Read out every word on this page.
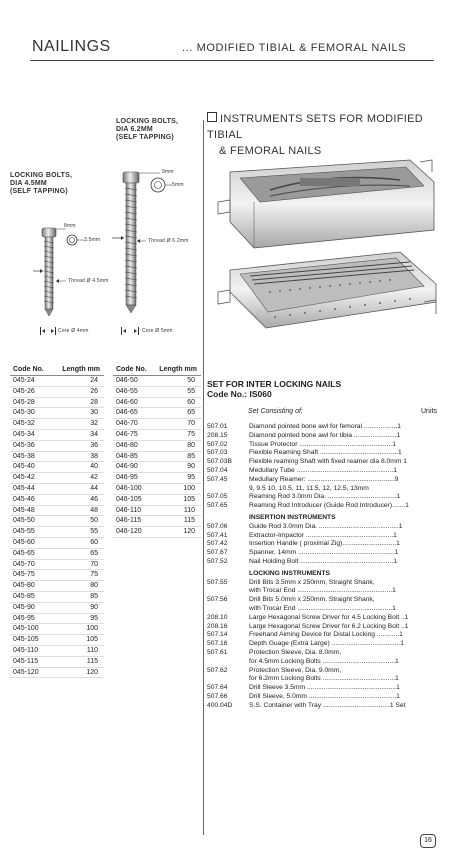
NAILINGS	... MODIFIED TIBIAL & FEMORAL NAILS
LOCKING BOLTS,
DIA 6.2MM
(SELF TAPPING)
LOCKING BOLTS,
DIA 4.5MM
(SELF TAPPING)
8mm
3.5mm
Thread Ø 4.5mm
Core Ø 4mm
9mm
5mm
Thread Ø 6.2mm
Core Ø 5mm
INSTRUMENTS SETS FOR MODIFIED TIBIAL
& FEMORAL NAILS
Code No.	Length mm
045-24	24
045-26	26
045-28	28
045-30	30
045-32	32
045-34	34
045-36	36
045-38	38
045-40	40
045-42	42
045-44	44
045-46	46
045-48	48
045-50	50
045-55	55
045-60	60
045-65	65
045-70	70
045-75	75
045-80	80
045-85	85
045-90	90
045-95	95
045-100	100
045-105	105
045-110	110
045-115	115
045-120	120
Code No.	Length mm
046-50	50
046-55	55
046-60	60
046-65	65
046-70	70
046-75	75
046-80	80
046-85	85
046-90	90
046-95	95
046-100	100
046-105	105
046-110	110
046-115	115
046-120	120
SET FOR INTER LOCKING NAILS
Code No.: IS060
Set Consisting of:	Units
507.01	Diamond pointed bone awl for femoral ..................1
208.15	Diamond pointed bone awl for tibia .......................1
507.02	Tissue Protector ..................................................1
507.03	Flexible Reaming Shaft ..........................................1
507.03B	Flexible reaming Shaft with fixed reamer dia 8.0mm 1
507.04	Medullary Tube ....................................................1
507.45	Medullary Reamer: ...............................................9
9, 9.5 10, 10.5, 11, 11.5, 12, 12.5, 13mm
507.05	Reaming Rod 3.0mm Dia. .....................................1
507.65	Reaming Rod Introducer (Guide Rod Introducer).......1
INSERTION INSTRUMENTS
507.06	Guide Rod 3.0mm Dia. ...........................................1
507.41	Extractor-Impactor ...............................................1
507.42	Insertion Handle ( proximal Zig).............................1
507.67	Spanner, 14mm ....................................................1
507.52	Nail Holding Bolt ..................................................1
LOCKING INSTRUMENTS
507.55	Drill Bits 3.5mm x 250mm, Straight Shank,
with Trocar End ...................................................1
507.56	Drill Bits 5.0mm x 250mm, Straight Shank,
with Trocar End ...................................................1
208.10	Large Hexagonal Screw Driver for 4.5 Locking Bolt ..1
208.16	Large Hexagonal Screw Driver for 6.2 Locking Bolt ..1
507.14	Freehand Aiming Device for Distal Locking ............1
507.16	Depth Guage (Extra Large) .....................................1
507.61	Protection Sleeve, Dia. 8.0mm,
for 4.5mm Locking Bolts .......................................1
507.62	Protection Sleeve, Dia. 9.0mm,
for 6.2mm Locking Bolts .......................................1
507.64	Drill Sleeve 3.5mm ................................................1
507.66	Drill Sleeve, 5.0mm ...............................................1
400.04D	S.S. Container with Tray ....................................1 Set
16
